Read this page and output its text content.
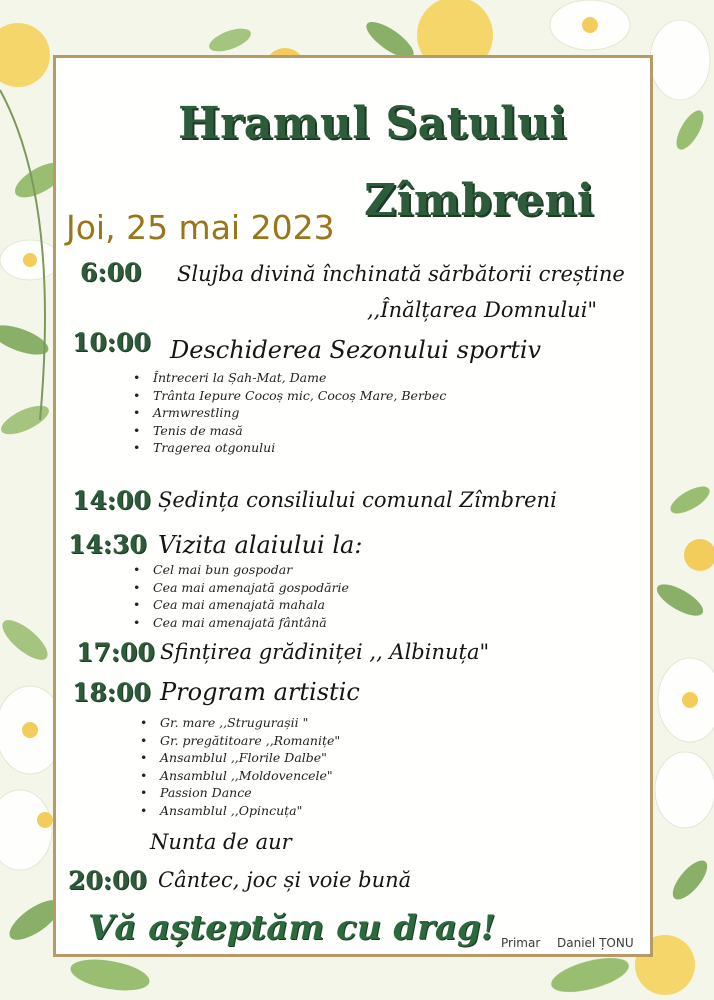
Hramul Satului
Zîmbreni
Joi, 25 mai 2023
6:00 Slujba divină închinată sărbătorii creștine
,,Înălțarea Domnului"
10:00 Deschiderea Sezonului sportiv
• Întreceri la Șah-Mat, Dame
• Trânta Iepure Cocoș mic, Cocoș Mare, Berbec
• Armwrestling
• Tenis de masă
• Tragerea otgonului
14:00 Ședința consiliului comunal Zîmbreni
14:30 Vizita alaiului la:
• Cel mai bun gospodar
• Cea mai amenajată gospodărie
• Cea mai amenajată mahala
• Cea mai amenajată fântână
17:00 Sfințirea grădiniței ,, Albinuța"
18:00 Program artistic
• Gr. mare ,,Strugurașii "
• Gr. pregătitoare ,,Romanițe"
• Ansamblul ,,Florile Dalbe"
• Ansamblul ,,Moldovencele"
• Passion Dance
• Ansamblul ,,Opincuța"
Nunta de aur
20:00 Cântec, joc și voie bună
Vă așteptăm cu drag! Primar Daniel ȚONU
